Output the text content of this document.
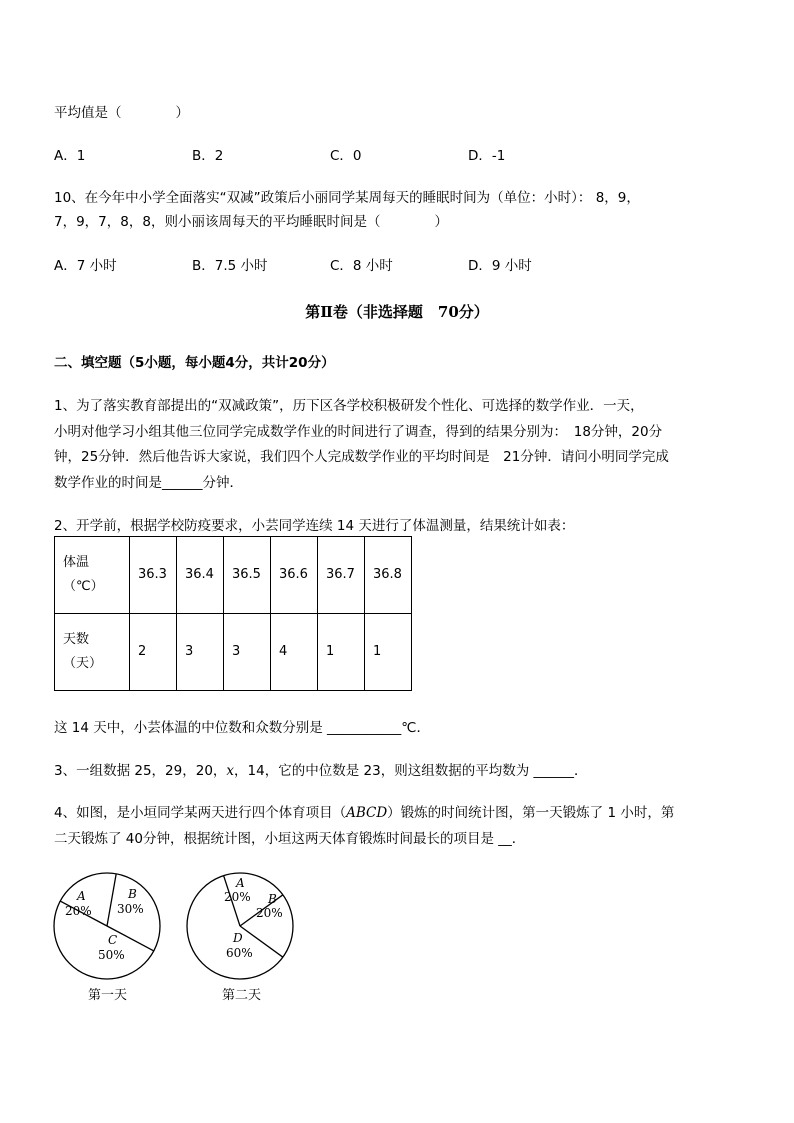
平均值是（　　　　）
A．1	B．2	C．0	D．-1
10、在今年中小学全面落实“双减”政策后小丽同学某周每天的睡眠时间为（单位：小时）： 8，9，
7，9，7，8，8，则小丽该周每天的平均睡眠时间是（　　　　）
A．7 小时	B．7.5 小时	C．8 小时	D．9 小时
第Ⅱ卷（非选择题　70分）
二、填空题（5小题，每小题4分，共计20分）
1、为了落实教育部提出的“双减政策”，历下区各学校积极研发个性化、可选择的数学作业．一天，
小明对他学习小组其他三位同学完成数学作业的时间进行了调查，得到的结果分别为：　18分钟，20分
钟，25分钟．然后他告诉大家说，我们四个人完成数学作业的平均时间是　21分钟．请问小明同学完成
数学作业的时间是______分钟．
2、开学前，根据学校防疫要求，小芸同学连续 14 天进行了体温测量，结果统计如表：
体温
（℃）	36.3	36.4	36.5	36.6	36.7	36.8
天数
（天）	2	3	3	4	1	1
这 14 天中，小芸体温的中位数和众数分别是 ___________℃．
3、一组数据 25，29，20，x，14，它的中位数是 23，则这组数据的平均数为 ______．
4、如图，是小垣同学某两天进行四个体育项目（ABCD）锻炼的时间统计图，第一天锻炼了 1 小时，第
二天锻炼了 40分钟，根据统计图，小垣这两天体育锻炼时间最长的项目是 __．
A
20%
B
30%
C
50%
A
20% B
20%
D
60%
第一天	第二天
